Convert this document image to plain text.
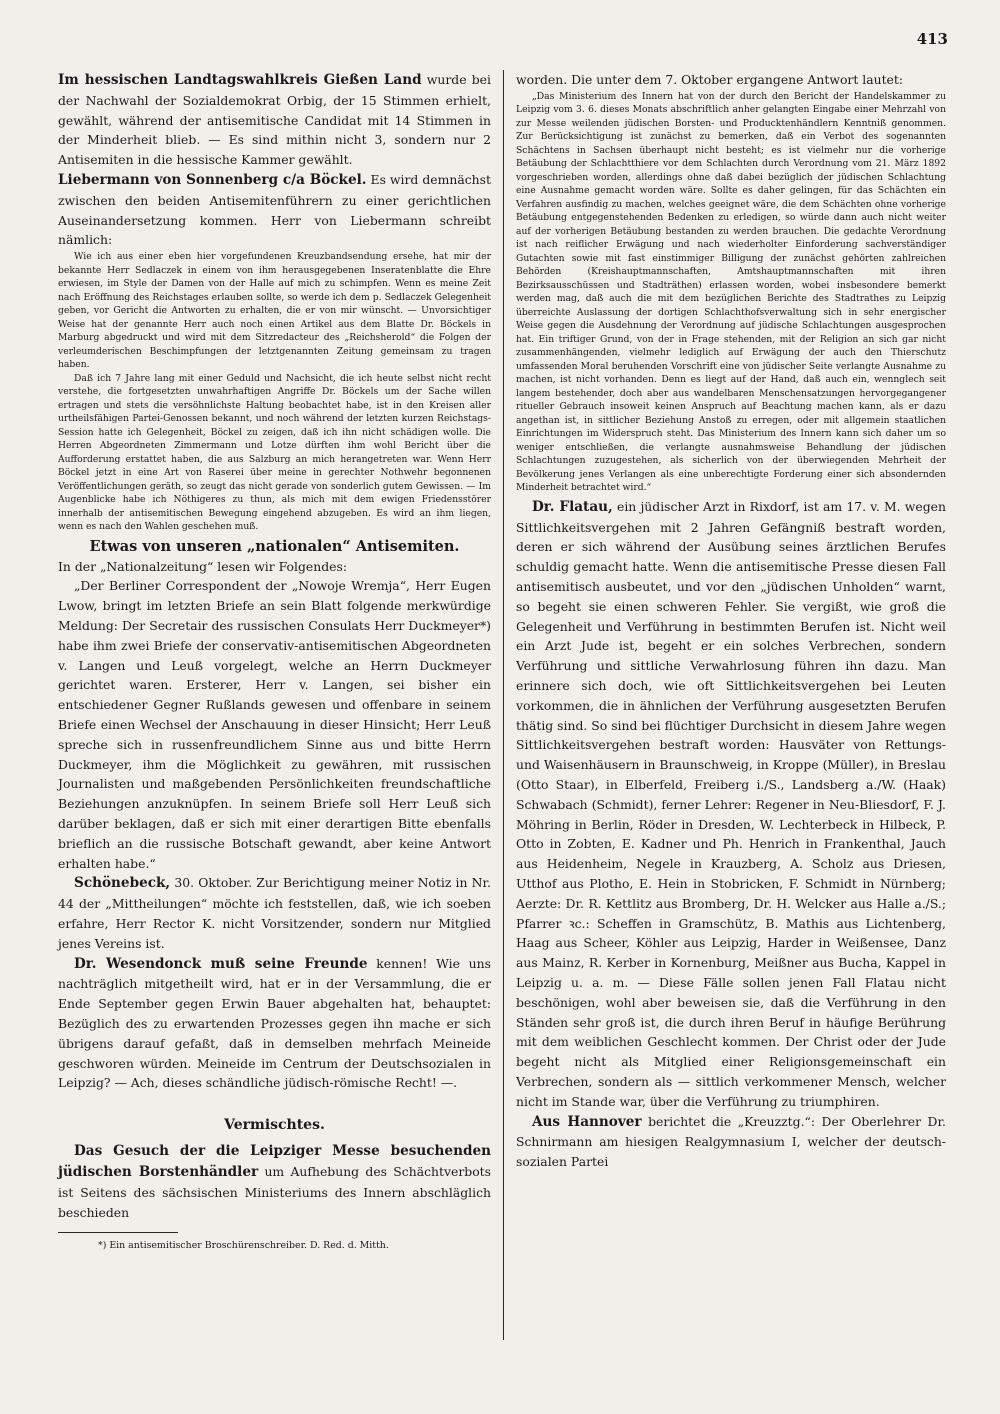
413

Im hessischen Landtagswahlkreis Gießen Land wurde bei der Nachwahl der Sozialdemokrat Orbig, der 15 Stimmen erhielt, gewählt, während der antisemitische Candidat mit 14 Stimmen in der Minderheit blieb. — Es sind mithin nicht 3, sondern nur 2 Antisemiten in die hessische Kammer gewählt.

Liebermann von Sonnenberg c/a Böckel. Es wird demnächst zwischen den beiden Antisemitenführern zu einer gerichtlichen Auseinandersetzung kommen. Herr von Liebermann schreibt nämlich:

Wie ich aus einer eben hier vorgefundenen Kreuzbandsendung ersehe, hat mir der bekannte Herr Sedlaczek in einem von ihm herausgegebenen Inseratenblatte die Ehre erwiesen, im Style der Damen von der Halle auf mich zu schimpfen. Wenn es meine Zeit nach Eröffnung des Reichstages erlauben sollte, so werde ich dem p. Sedlaczek Gelegenheit geben, vor Gericht die Antworten zu erhalten, die er von mir wünscht. — Unvorsichtiger Weise hat der genannte Herr auch noch einen Artikel aus dem Blatte Dr. Böckels in Marburg abgedruckt und wird mit dem Sitzredacteur des „Reichsherold“ die Folgen der verleumderischen Beschimpfungen der letztgenannten Zeitung gemeinsam zu tragen haben.

Daß ich 7 Jahre lang mit einer Geduld und Nachsicht, die ich heute selbst nicht recht verstehe, die fortgesetzten unwahrhaftigen Angriffe Dr. Böckels um der Sache willen ertragen und stets die versöhnlichste Haltung beobachtet habe, ist in den Kreisen aller urtheilsfähigen Partei-Genossen bekannt, und noch während der letzten kurzen Reichstags-Session hatte ich Gelegenheit, Böckel zu zeigen, daß ich ihn nicht schädigen wolle. Die Herren Abgeordneten Zimmermann und Lotze dürften ihm wohl Bericht über die Aufforderung erstattet haben, die aus Salzburg an mich herangetreten war. Wenn Herr Böckel jetzt in eine Art von Raserei über meine in gerechter Nothwehr begonnenen Veröffentlichungen geräth, so zeugt das nicht gerade von sonderlich gutem Gewissen. — Im Augenblicke habe ich Nöthigeres zu thun, als mich mit dem ewigen Friedensstörer innerhalb der antisemitischen Bewegung eingehend abzugeben. Es wird an ihm liegen, wenn es nach den Wahlen geschehen muß.

Etwas von unseren „nationalen“ Antisemiten.

In der „Nationalzeitung“ lesen wir Folgendes:

„Der Berliner Correspondent der „Nowoje Wremja“, Herr Eugen Lwow, bringt im letzten Briefe an sein Blatt folgende merkwürdige Meldung: Der Secretair des russischen Consulats Herr Duckmeyer*) habe ihm zwei Briefe der conservativ-antisemitischen Abgeordneten v. Langen und Leuß vorgelegt, welche an Herrn Duckmeyer gerichtet waren. Ersterer, Herr v. Langen, sei bisher ein entschiedener Gegner Rußlands gewesen und offenbare in seinem Briefe einen Wechsel der Anschauung in dieser Hinsicht; Herr Leuß spreche sich in russenfreundlichem Sinne aus und bitte Herrn Duckmeyer, ihm die Möglichkeit zu gewähren, mit russischen Journalisten und maßgebenden Persönlichkeiten freundschaftliche Beziehungen anzuknüpfen. In seinem Briefe soll Herr Leuß sich darüber beklagen, daß er sich mit einer derartigen Bitte ebenfalls brieflich an die russische Botschaft gewandt, aber keine Antwort erhalten habe.“

Schönebeck, 30. Oktober. Zur Berichtigung meiner Notiz in Nr. 44 der „Mittheilungen“ möchte ich feststellen, daß, wie ich soeben erfahre, Herr Rector K. nicht Vorsitzender, sondern nur Mitglied jenes Vereins ist.

Dr. Wesendonck muß seine Freunde kennen! Wie uns nachträglich mitgetheilt wird, hat er in der Versammlung, die er Ende September gegen Erwin Bauer abgehalten hat, behauptet: Bezüglich des zu erwartenden Prozesses gegen ihn mache er sich übrigens darauf gefaßt, daß in demselben mehrfach Meineide geschworen würden. Meineide im Centrum der Deutschsozialen in Leipzig? — Ach, dieses schändliche jüdisch-römische Recht! —.

Vermischtes.

Das Gesuch der die Leipziger Messe besuchenden jüdischen Borstenhändler um Aufhebung des Schächtverbots ist Seitens des sächsischen Ministeriums des Innern abschläglich beschieden

*) Ein antisemitischer Broschürenschreiber. D. Red. d. Mitth.

worden. Die unter dem 7. Oktober ergangene Antwort lautet:

„Das Ministerium des Innern hat von der durch den Bericht der Handelskammer zu Leipzig vom 3. 6. dieses Monats abschriftlich anher gelangten Eingabe einer Mehrzahl von zur Messe weilenden jüdischen Borsten- und Producktenhändlern Kenntniß genommen. Zur Berücksichtigung ist zunächst zu bemerken, daß ein Verbot des sogenannten Schächtens in Sachsen überhaupt nicht besteht; es ist vielmehr nur die vorherige Betäubung der Schlachtthiere vor dem Schlachten durch Verordnung vom 21. März 1892 vorgeschrieben worden, allerdings ohne daß dabei bezüglich der jüdischen Schlachtung eine Ausnahme gemacht worden wäre. Sollte es daher gelingen, für das Schächten ein Verfahren ausfindig zu machen, welches geeignet wäre, die dem Schächten ohne vorherige Betäubung entgegenstehenden Bedenken zu erledigen, so würde dann auch nicht weiter auf der vorherigen Betäubung bestanden zu werden brauchen. Die gedachte Verordnung ist nach reiflicher Erwägung und nach wiederholter Einforderung sachverständiger Gutachten sowie mit fast einstimmiger Billigung der zunächst gehörten zahlreichen Behörden (Kreishauptmannschaften, Amtshauptmannschaften mit ihren Bezirksausschüssen und Stadträthen) erlassen worden, wobei insbesondere bemerkt werden mag, daß auch die mit dem bezüglichen Berichte des Stadtrathes zu Leipzig überreichte Auslassung der dortigen Schlachthofsverwaltung sich in sehr energischer Weise gegen die Ausdehnung der Verordnung auf jüdische Schlachtungen ausgesprochen hat. Ein triftiger Grund, von der in Frage stehenden, mit der Religion an sich gar nicht zusammenhängenden, vielmehr lediglich auf Erwägung der auch den Thierschutz umfassenden Moral beruhenden Vorschrift eine von jüdischer Seite verlangte Ausnahme zu machen, ist nicht vorhanden. Denn es liegt auf der Hand, daß auch ein, wennglech seit langem bestehender, doch aber aus wandelbaren Menschensatzungen hervorgegangener ritueller Gebrauch insoweit keinen Anspruch auf Beachtung machen kann, als er dazu angethan ist, in sittlicher Beziehung Anstoß zu erregen, oder mit allgemein staatlichen Einrichtungen im Widerspruch steht. Das Ministerium des Innern kann sich daher um so weniger entschließen, die verlangte ausnahmsweise Behandlung der jüdischen Schlachtungen zuzugestehen, als sicherlich von der überwiegenden Mehrheit der Bevölkerung jenes Verlangen als eine unberechtigte Forderung einer sich absondernden Minderheit betrachtet wird.“

Dr. Flatau, ein jüdischer Arzt in Rixdorf, ist am 17. v. M. wegen Sittlichkeitsvergehen mit 2 Jahren Gefängniß bestraft worden, deren er sich während der Ausübung seines ärztlichen Berufes schuldig gemacht hatte. Wenn die antisemitische Presse diesen Fall antisemitisch ausbeutet, und vor den „jüdischen Unholden“ warnt, so begeht sie einen schweren Fehler. Sie vergißt, wie groß die Gelegenheit und Verführung in bestimmten Berufen ist. Nicht weil ein Arzt Jude ist, begeht er ein solches Verbrechen, sondern Verführung und sittliche Verwahrlosung führen ihn dazu. Man erinnere sich doch, wie oft Sittlichkeitsvergehen bei Leuten vorkommen, die in ähnlichen der Verführung ausgesetzten Berufen thätig sind. So sind bei flüchtiger Durchsicht in diesem Jahre wegen Sittlichkeitsvergehen bestraft worden: Hausväter von Rettungs- und Waisenhäusern in Braunschweig, in Kroppe (Müller), in Breslau (Otto Staar), in Elberfeld, Freiberg i./S., Landsberg a./W. (Haak) Schwabach (Schmidt), ferner Lehrer: Regener in Neu-Bliesdorf, F. J. Möhring in Berlin, Röder in Dresden, W. Lechterbeck in Hilbeck, P. Otto in Zobten, E. Kadner und Ph. Henrich in Frankenthal, Jauch aus Heidenheim, Negele in Krauzberg, A. Scholz aus Driesen, Utthof aus Plotho, E. Hein in Stobricken, F. Schmidt in Nürnberg; Aerzte: Dr. R. Kettlitz aus Bromberg, Dr. H. Welcker aus Halle a./S.; Pfarrer ꝛc.: Scheffen in Gramschütz, B. Mathis aus Lichtenberg, Haag aus Scheer, Köhler aus Leipzig, Harder in Weißensee, Danz aus Mainz, R. Kerber in Kornenburg, Meißner aus Bucha, Kappel in Leipzig u. a. m. — Diese Fälle sollen jenen Fall Flatau nicht beschönigen, wohl aber beweisen sie, daß die Verführung in den Ständen sehr groß ist, die durch ihren Beruf in häufige Berührung mit dem weiblichen Geschlecht kommen. Der Christ oder der Jude begeht nicht als Mitglied einer Religionsgemeinschaft ein Verbrechen, sondern als — sittlich verkommener Mensch, welcher nicht im Stande war, über die Verführung zu triumphiren.

Aus Hannover berichtet die „Kreuzztg.“: Der Oberlehrer Dr. Schnirmann am hiesigen Realgymnasium I, welcher der deutsch-sozialen Partei
